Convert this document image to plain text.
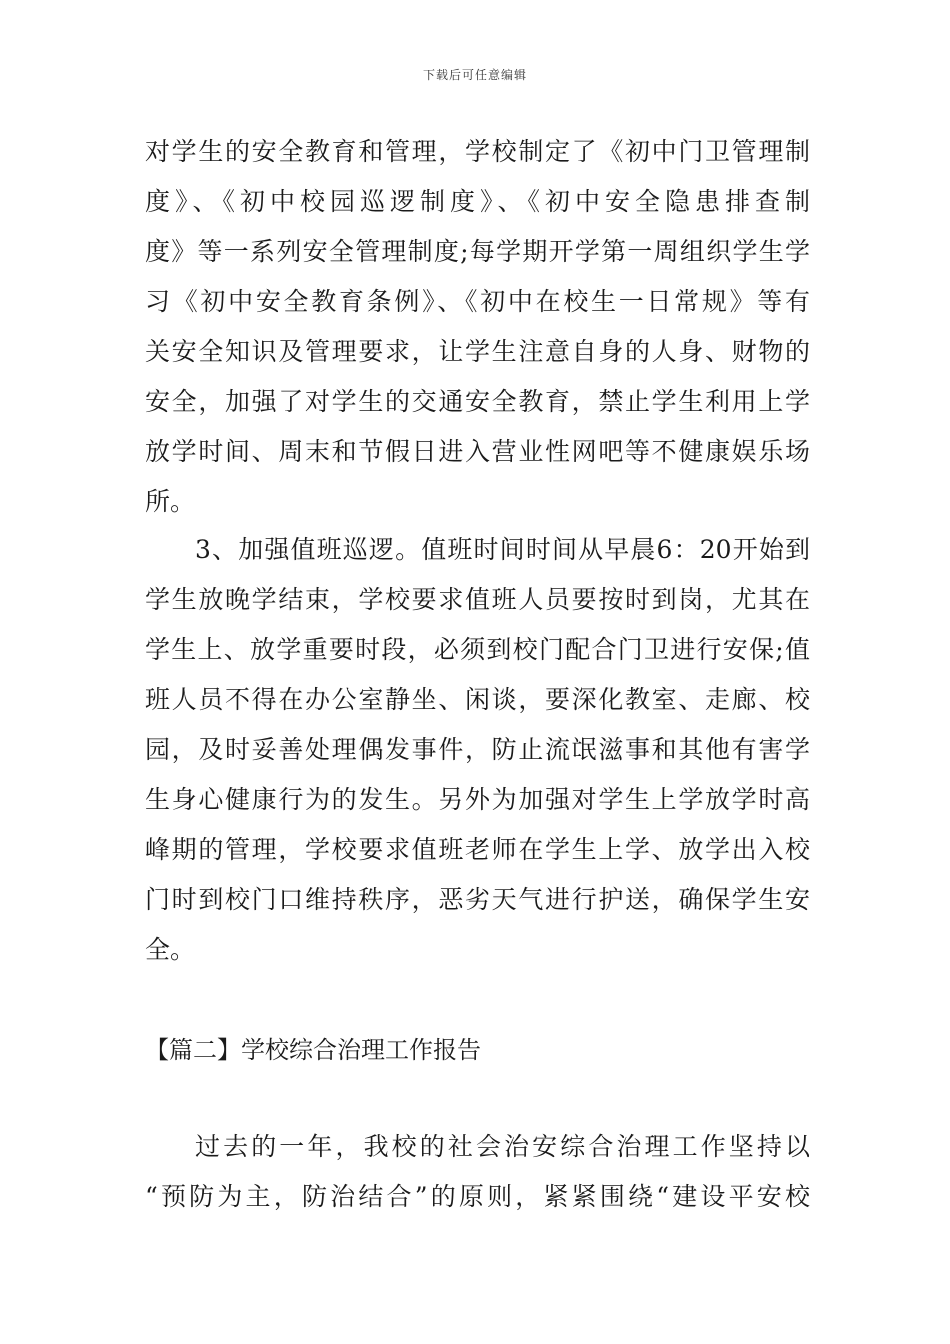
下载后可任意编辑
对学生的安全教育和管理，学校制定了《初中门卫管理制
度》、《初中校园巡逻制度》、《初中安全隐患排查制
度》等一系列安全管理制度;每学期开学第一周组织学生学
习《初中安全教育条例》、《初中在校生一日常规》等有
关安全知识及管理要求，让学生注意自身的人身、财物的
安全，加强了对学生的交通安全教育，禁止学生利用上学
放学时间、周末和节假日进入营业性网吧等不健康娱乐场
所。
3、加强值班巡逻。值班时间时间从早晨6：20开始到
学生放晚学结束，学校要求值班人员要按时到岗，尤其在
学生上、放学重要时段，必须到校门配合门卫进行安保;值
班人员不得在办公室静坐、闲谈，要深化教室、走廊、校
园，及时妥善处理偶发事件，防止流氓滋事和其他有害学
生身心健康行为的发生。另外为加强对学生上学放学时高
峰期的管理，学校要求值班老师在学生上学、放学出入校
门时到校门口维持秩序，恶劣天气进行护送，确保学生安
全。
【篇二】学校综合治理工作报告
过去的一年，我校的社会治安综合治理工作坚持以
“预防为主，防治结合”的原则，紧紧围绕“建设平安校
